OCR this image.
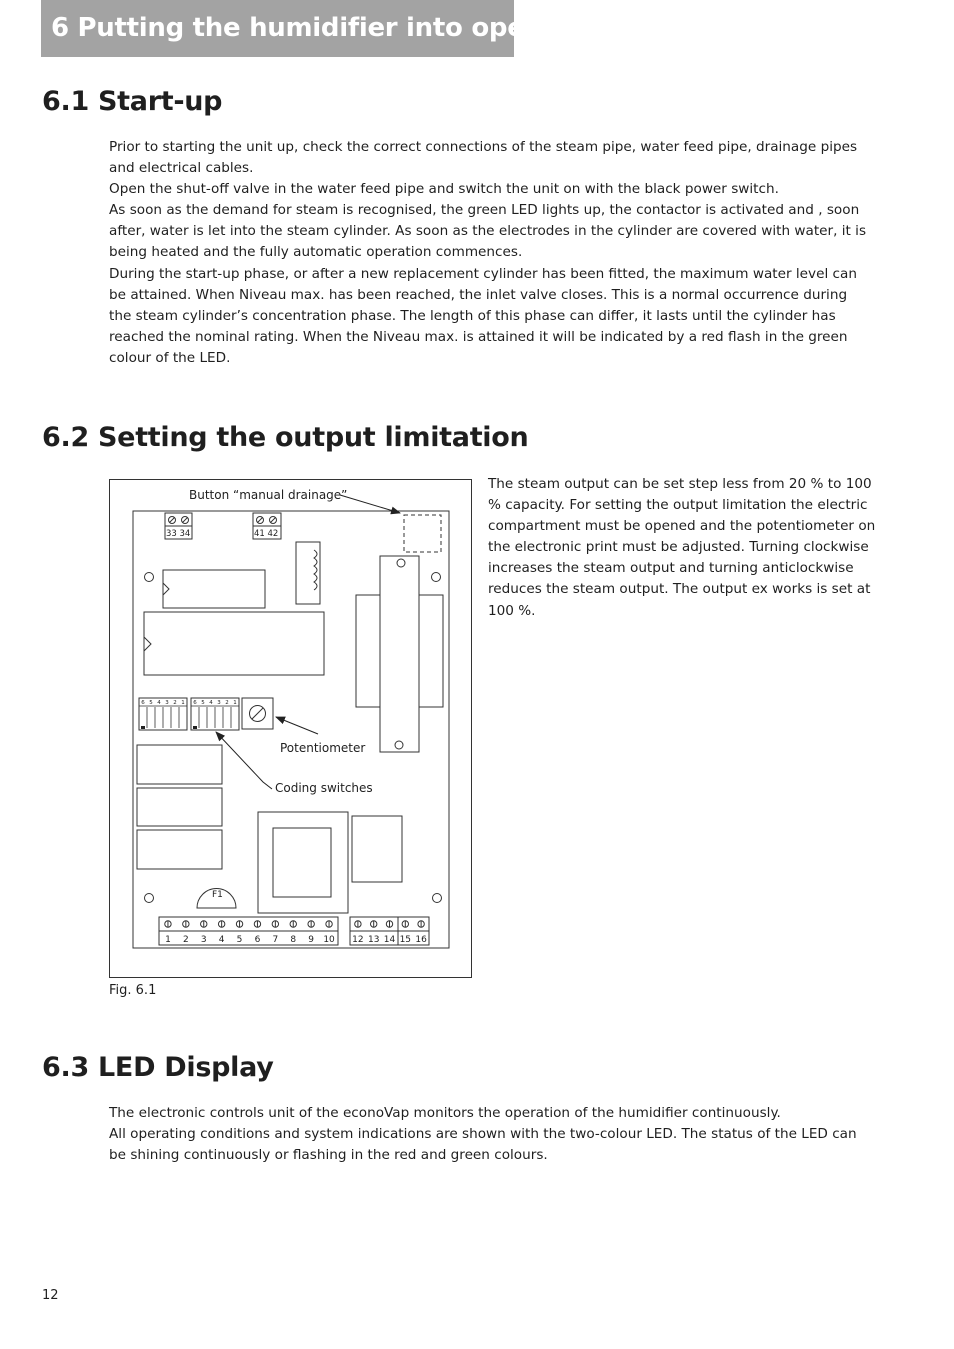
6 Putting the humidifier into operation
6.1 Start-up

Prior to starting the unit up, check the correct connections of the steam pipe, water feed pipe, drainage pipes and electrical cables.

Open the shut-off valve in the water feed pipe and switch the unit on with the black power switch.

As soon as the demand for steam is recognised, the green LED lights up, the contactor is activated and , soon after, water is let into the steam cylinder. As soon as the electrodes in the cylinder are covered with water, it is being heated and the fully automatic operation commences.

During the start-up phase, or after a new replacement cylinder has been fitted, the maximum water level can be attained. When Niveau max. has been reached, the inlet valve closes. This is a normal occurrence during the steam cylinder’s concentration phase. The length of this phase can differ, it lasts until the cylinder has reached the nominal rating. When the Niveau max. is attained it will be indicated by a red flash in the green colour of the LED.

6.2 Setting the output limitation
Button “manual drainage”
Potentiometer
Coding switches
F1
33 34	41 42
6 5 4 3 2 1 6 5 4 3 2 1
1 2 3 4 5 6 7 8 9 10 12 13 14 15 16
Fig. 6.1

The steam output can be set step less from 20 % to 100 % capacity. For setting the output limitation the electric compartment must be opened and the potentiometer on the electronic print must be adjusted. Turning clockwise increases the steam output and turning anticlockwise reduces the steam output. The output ex works is set at 100 %.

6.3 LED Display

The electronic controls unit of the econoVap monitors the operation of the humidifier continuously.

All operating conditions and system indications are shown with the two-colour LED. The status of the LED can be shining continuously or flashing in the red and green colours.

12
